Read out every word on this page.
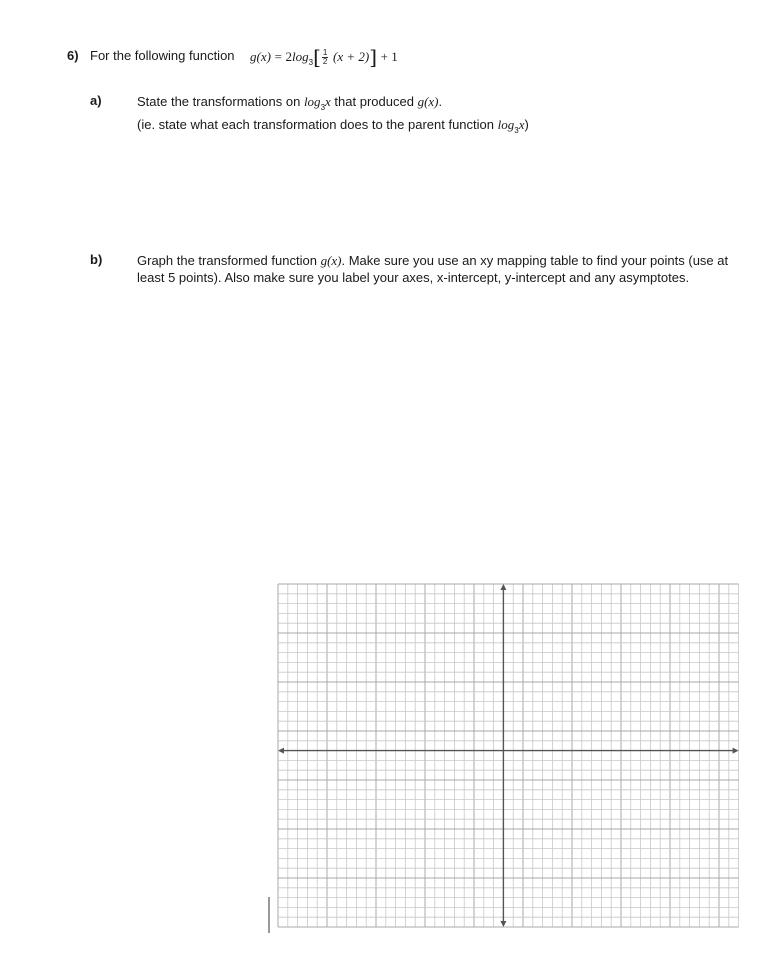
6) For the following function $g(x) = 2\log_3[ \frac{1}{2} (x + 2)] + 1$
a)	State the transformations on $\log_3x$ that produced g(x).
(ie. state what each transformation does to the parent function $\log_3x$)
b)	Graph the transformed function g(x). Make sure you use an xy mapping table to find your points (use at least 5 points). Also make sure you label your axes, x-intercept, y-intercept and any asymptotes.
